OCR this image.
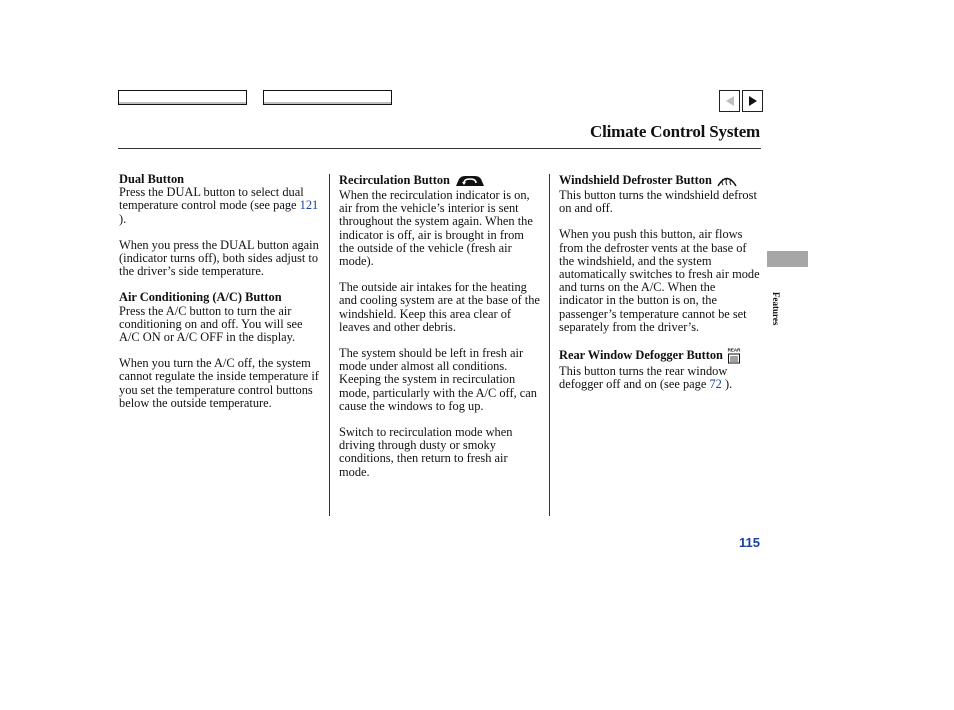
Climate Control System
Dual Button

Press the DUAL button to select dual temperature control mode (see page 121 ).

When you press the DUAL button again (indicator turns off), both sides adjust to the driver’s side temperature.

Air Conditioning (A/C) Button

Press the A/C button to turn the air conditioning on and off. You will see A/C ON or A/C OFF in the display.

When you turn the A/C off, the system cannot regulate the inside temperature if you set the temperature control buttons below the outside temperature.

Recirculation Button

When the recirculation indicator is on, air from the vehicle’s interior is sent throughout the system again. When the indicator is off, air is brought in from the outside of the vehicle (fresh air mode).

The outside air intakes for the heating and cooling system are at the base of the windshield. Keep this area clear of leaves and other debris.

The system should be left in fresh air mode under almost all conditions. Keeping the system in recirculation mode, particularly with the A/C off, can cause the windows to fog up.

Switch to recirculation mode when driving through dusty or smoky conditions, then return to fresh air mode.

Windshield Defroster Button

This button turns the windshield defrost on and off.

When you push this button, air flows from the defroster vents at the base of the windshield, and the system automatically switches to fresh air mode and turns on the A/C. When the indicator in the button is on, the passenger’s temperature cannot be set separately from the driver’s.

Rear Window Defogger Button REAR

This button turns the rear window defogger off and on (see page 72 ).

Features
115
